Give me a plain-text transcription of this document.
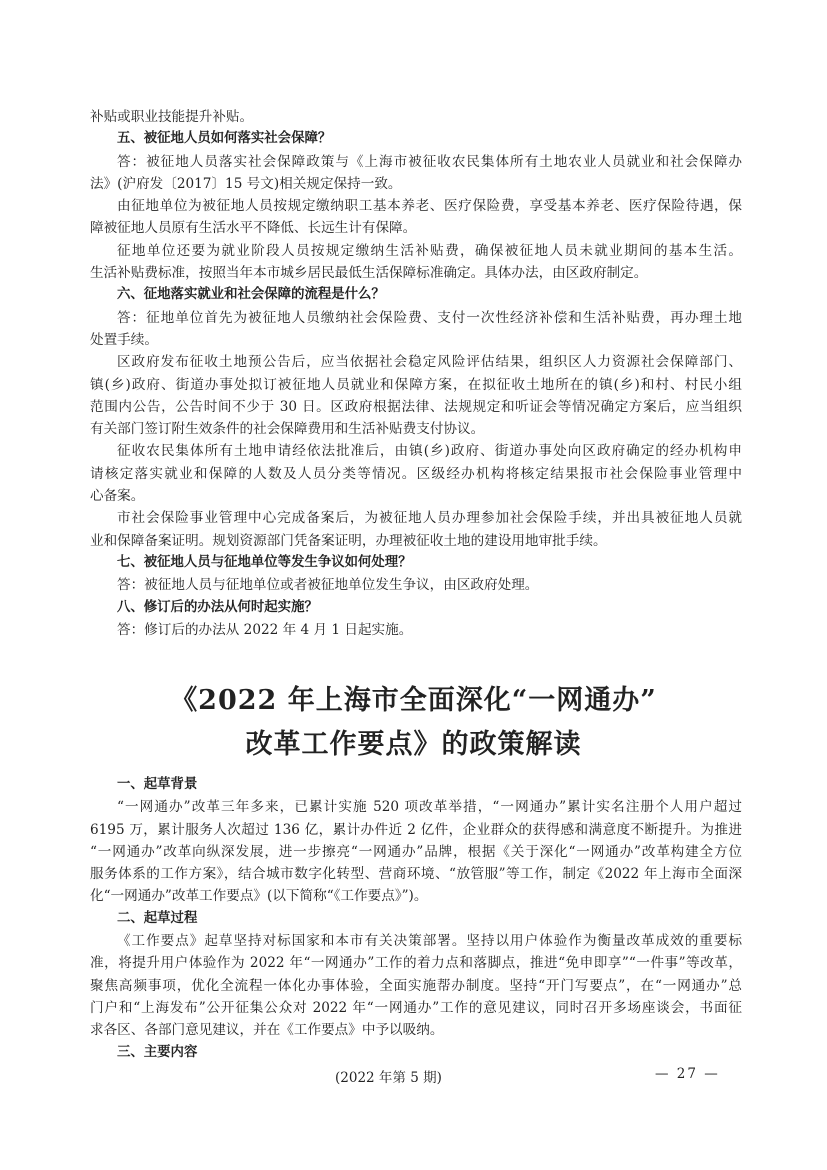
补贴或职业技能提升补贴。
五、被征地人员如何落实社会保障？
答：被征地人员落实社会保障政策与《上海市被征收农民集体所有土地农业人员就业和社会保障办
法》(沪府发〔2017〕15 号文)相关规定保持一致。
由征地单位为被征地人员按规定缴纳职工基本养老、医疗保险费，享受基本养老、医疗保险待遇，保
障被征地人员原有生活水平不降低、长远生计有保障。
征地单位还要为就业阶段人员按规定缴纳生活补贴费，确保被征地人员未就业期间的基本生活。
生活补贴费标准，按照当年本市城乡居民最低生活保障标准确定。具体办法，由区政府制定。
六、征地落实就业和社会保障的流程是什么？
答：征地单位首先为被征地人员缴纳社会保险费、支付一次性经济补偿和生活补贴费，再办理土地
处置手续。
区政府发布征收土地预公告后，应当依据社会稳定风险评估结果，组织区人力资源社会保障部门、
镇(乡)政府、街道办事处拟订被征地人员就业和保障方案，在拟征收土地所在的镇(乡)和村、村民小组
范围内公告，公告时间不少于 30 日。区政府根据法律、法规规定和听证会等情况确定方案后，应当组织
有关部门签订附生效条件的社会保障费用和生活补贴费支付协议。
征收农民集体所有土地申请经依法批准后，由镇(乡)政府、街道办事处向区政府确定的经办机构申
请核定落实就业和保障的人数及人员分类等情况。区级经办机构将核定结果报市社会保险事业管理中
心备案。
市社会保险事业管理中心完成备案后，为被征地人员办理参加社会保险手续，并出具被征地人员就
业和保障备案证明。规划资源部门凭备案证明，办理被征收土地的建设用地审批手续。
七、被征地人员与征地单位等发生争议如何处理？
答：被征地人员与征地单位或者被征地单位发生争议，由区政府处理。
八、修订后的办法从何时起实施？
答：修订后的办法从 2022 年 4 月 1 日起实施。
《2022 年上海市全面深化“一网通办”
改革工作要点》的政策解读
一、起草背景
“一网通办”改革三年多来，已累计实施 520 项改革举措，“一网通办”累计实名注册个人用户超过
6195 万，累计服务人次超过 136 亿，累计办件近 2 亿件，企业群众的获得感和满意度不断提升。为推进
“一网通办”改革向纵深发展，进一步擦亮“一网通办”品牌，根据《关于深化“一网通办”改革构建全方位
服务体系的工作方案》，结合城市数字化转型、营商环境、“放管服”等工作，制定《2022 年上海市全面深
化“一网通办”改革工作要点》(以下简称“《工作要点》”)。
二、起草过程
《工作要点》起草坚持对标国家和本市有关决策部署。坚持以用户体验作为衡量改革成效的重要标
准，将提升用户体验作为 2022 年“一网通办”工作的着力点和落脚点，推进“免申即享”“一件事”等改革，
聚焦高频事项，优化全流程一体化办事体验，全面实施帮办制度。坚持“开门写要点”，在“一网通办”总
门户和“上海发布”公开征集公众对 2022 年“一网通办”工作的意见建议，同时召开多场座谈会，书面征
求各区、各部门意见建议，并在《工作要点》中予以吸纳。
三、主要内容
(2022 年第 5 期)	— 27 —
